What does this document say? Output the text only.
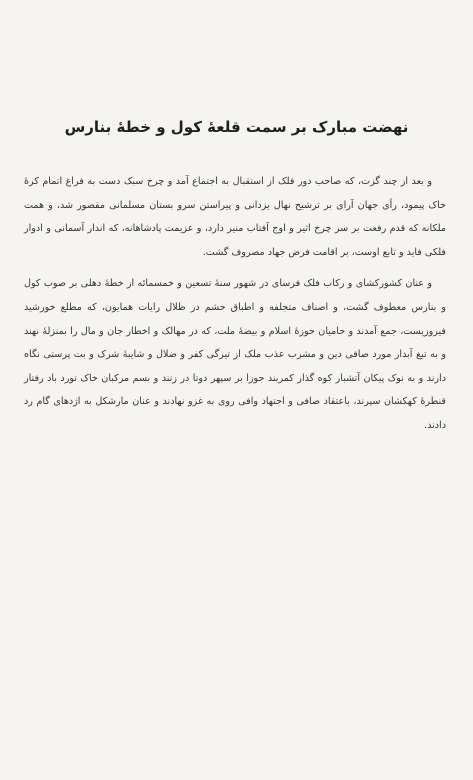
نهضت مبارک بر سمت قلعهٔ کول و خطهٔ بنارس

و بعد از چند گزت، که صاحب دور فلک از استقبال به اجتماع آمد و چرخ سبک دست به فراغ اتمام کرهٔ خاک پیمود، رأی جهان آرای بر ترشیح نهال یزدانی و پیراستن سرو بستان مسلمانی مقصور شد، و همت ملکانه که قدم رفعت بر سر چرخ اثیر و اوج آفتاب منیر دارد، و عزیمت پادشاهانه، که اندار آسمانی و ادوار فلکی فاید و تابع اوست، بر اقامت فرض جهاد مصروف گشت.

و عنان کشورکشای و رکاب فلک فرسای در شهور سنهٔ تسعین و خمسمائه از خطهٔ دهلی بر صوب کول و بنارس معطوف گشت، و اصناف متجلفه و اطباق حشم در ظلال رایات همایون، که مطلع خورشید فیروزیست، جمع آمدند و حامیان حوزهٔ اسلام و بیضهٔ ملت، که در مهالک و اخطار جان و مال را بمنزلهٔ نهند و به تیغ آبدار مورد صافی دین و مشرب عذب ملک از تیرگی کفر و ضلال و شایبهٔ شرک و بت پرستی نگاه دارند و به نوک پیکان آتشبار کوه گذار کمربند جوزا بر سپهر دوتا در زنند و بسم مرکبان خاک تورد باد رفتار قنطرهٔ کهکشان سپرند، باعتقاد صافی و اجتهاد وافی روی به غزو نهادند و عنان مارشکل به اژدهای گام رد دادند.
